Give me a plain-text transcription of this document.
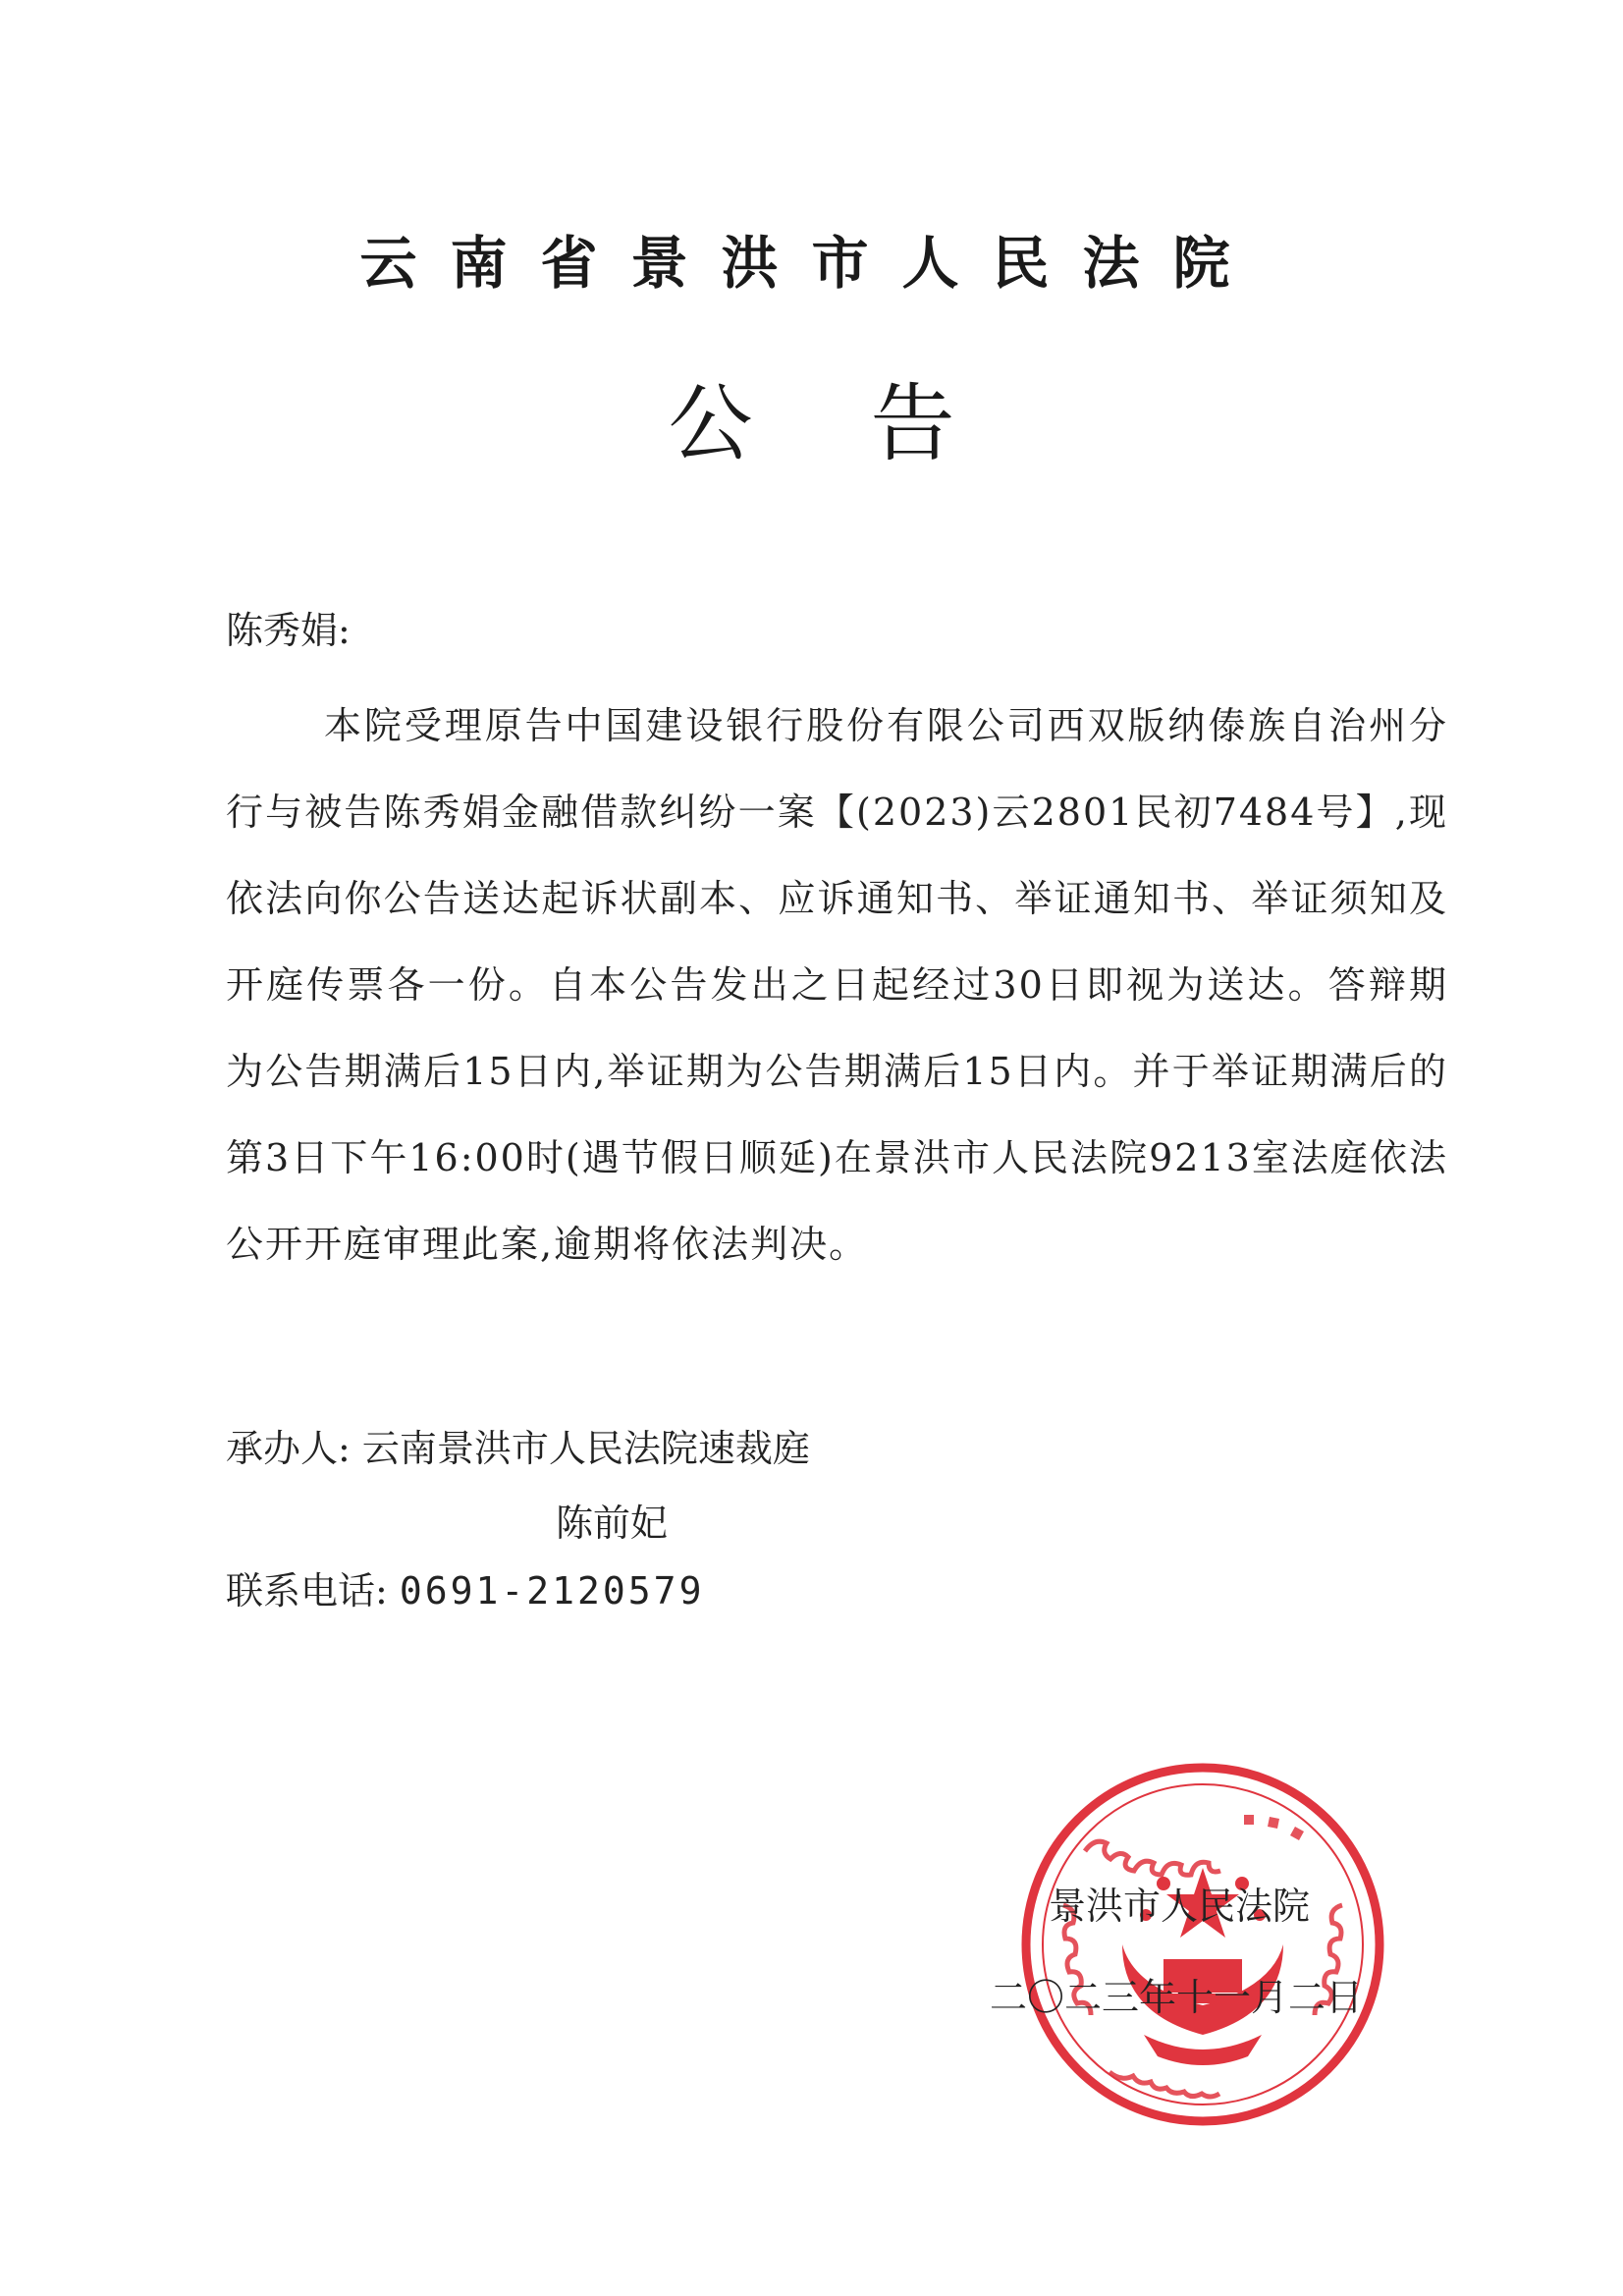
云南省景洪市人民法院
公告
陈秀娟:
本院受理原告中国建设银行股份有限公司西双版纳傣族自治州分行与被告陈秀娟金融借款纠纷一案【(2023)云2801民初7484号】,现依法向你公告送达起诉状副本、应诉通知书、举证通知书、举证须知及开庭传票各一份。自本公告发出之日起经过30日即视为送达。答辩期为公告期满后15日内,举证期为公告期满后15日内。并于举证期满后的第3日下午16:00时(遇节假日顺延)在景洪市人民法院9213室法庭依法公开开庭审理此案,逾期将依法判决。
承办人: 云南景洪市人民法院速裁庭
陈前妃
联系电话: 0691-2120579
景洪市人民法院
二〇二三年十一月二日
